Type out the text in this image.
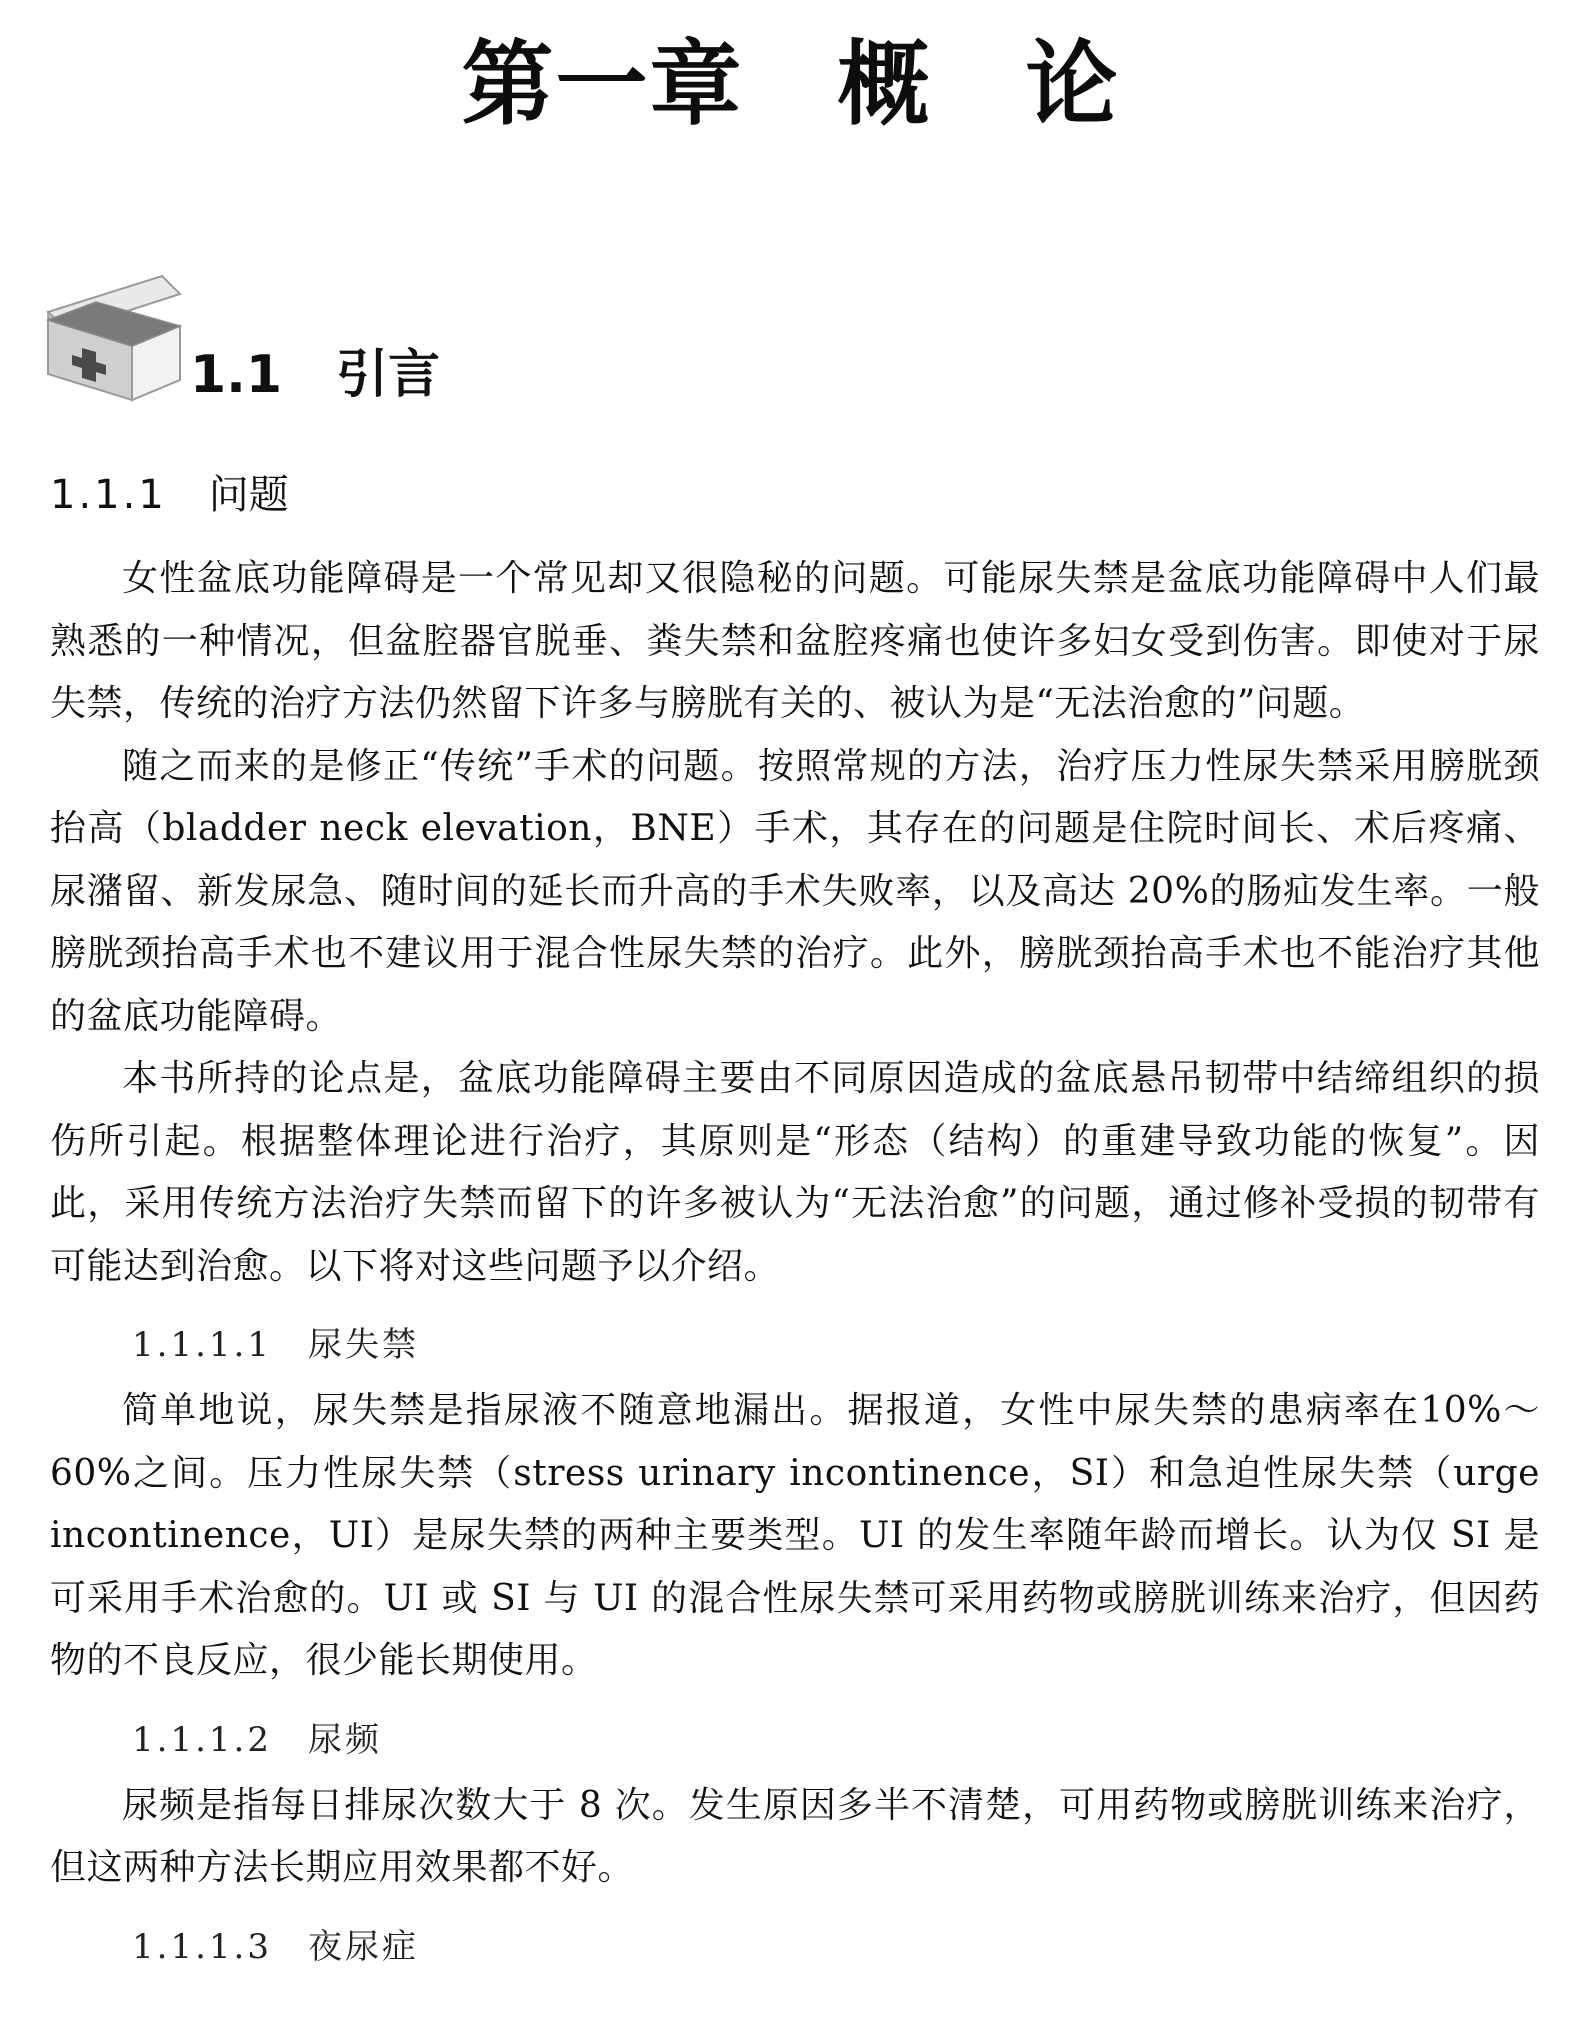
第一章　概　论
1.1 引言
1.1.1 问题

女性盆底功能障碍是一个常见却又很隐秘的问题。可能尿失禁是盆底功能障碍中人们最熟悉的一种情况，但盆腔器官脱垂、粪失禁和盆腔疼痛也使许多妇女受到伤害。即使对于尿失禁，传统的治疗方法仍然留下许多与膀胱有关的、被认为是“无法治愈的”问题。

随之而来的是修正“传统”手术的问题。按照常规的方法，治疗压力性尿失禁采用膀胱颈抬高（bladder neck elevation，BNE）手术，其存在的问题是住院时间长、术后疼痛、尿潴留、新发尿急、随时间的延长而升高的手术失败率，以及高达 20%的肠疝发生率。一般膀胱颈抬高手术也不建议用于混合性尿失禁的治疗。此外，膀胱颈抬高手术也不能治疗其他的盆底功能障碍。

本书所持的论点是，盆底功能障碍主要由不同原因造成的盆底悬吊韧带中结缔组织的损伤所引起。根据整体理论进行治疗，其原则是“形态（结构）的重建导致功能的恢复”。因此，采用传统方法治疗失禁而留下的许多被认为“无法治愈”的问题，通过修补受损的韧带有可能达到治愈。以下将对这些问题予以介绍。

1.1.1.1 尿失禁

简单地说，尿失禁是指尿液不随意地漏出。据报道，女性中尿失禁的患病率在10%～60%之间。压力性尿失禁（stress urinary incontinence，SI）和急迫性尿失禁（urge incontinence，UI）是尿失禁的两种主要类型。UI 的发生率随年龄而增长。认为仅 SI 是可采用手术治愈的。UI 或 SI 与 UI 的混合性尿失禁可采用药物或膀胱训练来治疗，但因药物的不良反应，很少能长期使用。

1.1.1.2 尿频

尿频是指每日排尿次数大于 8 次。发生原因多半不清楚，可用药物或膀胱训练来治疗，但这两种方法长期应用效果都不好。

1.1.1.3 夜尿症
